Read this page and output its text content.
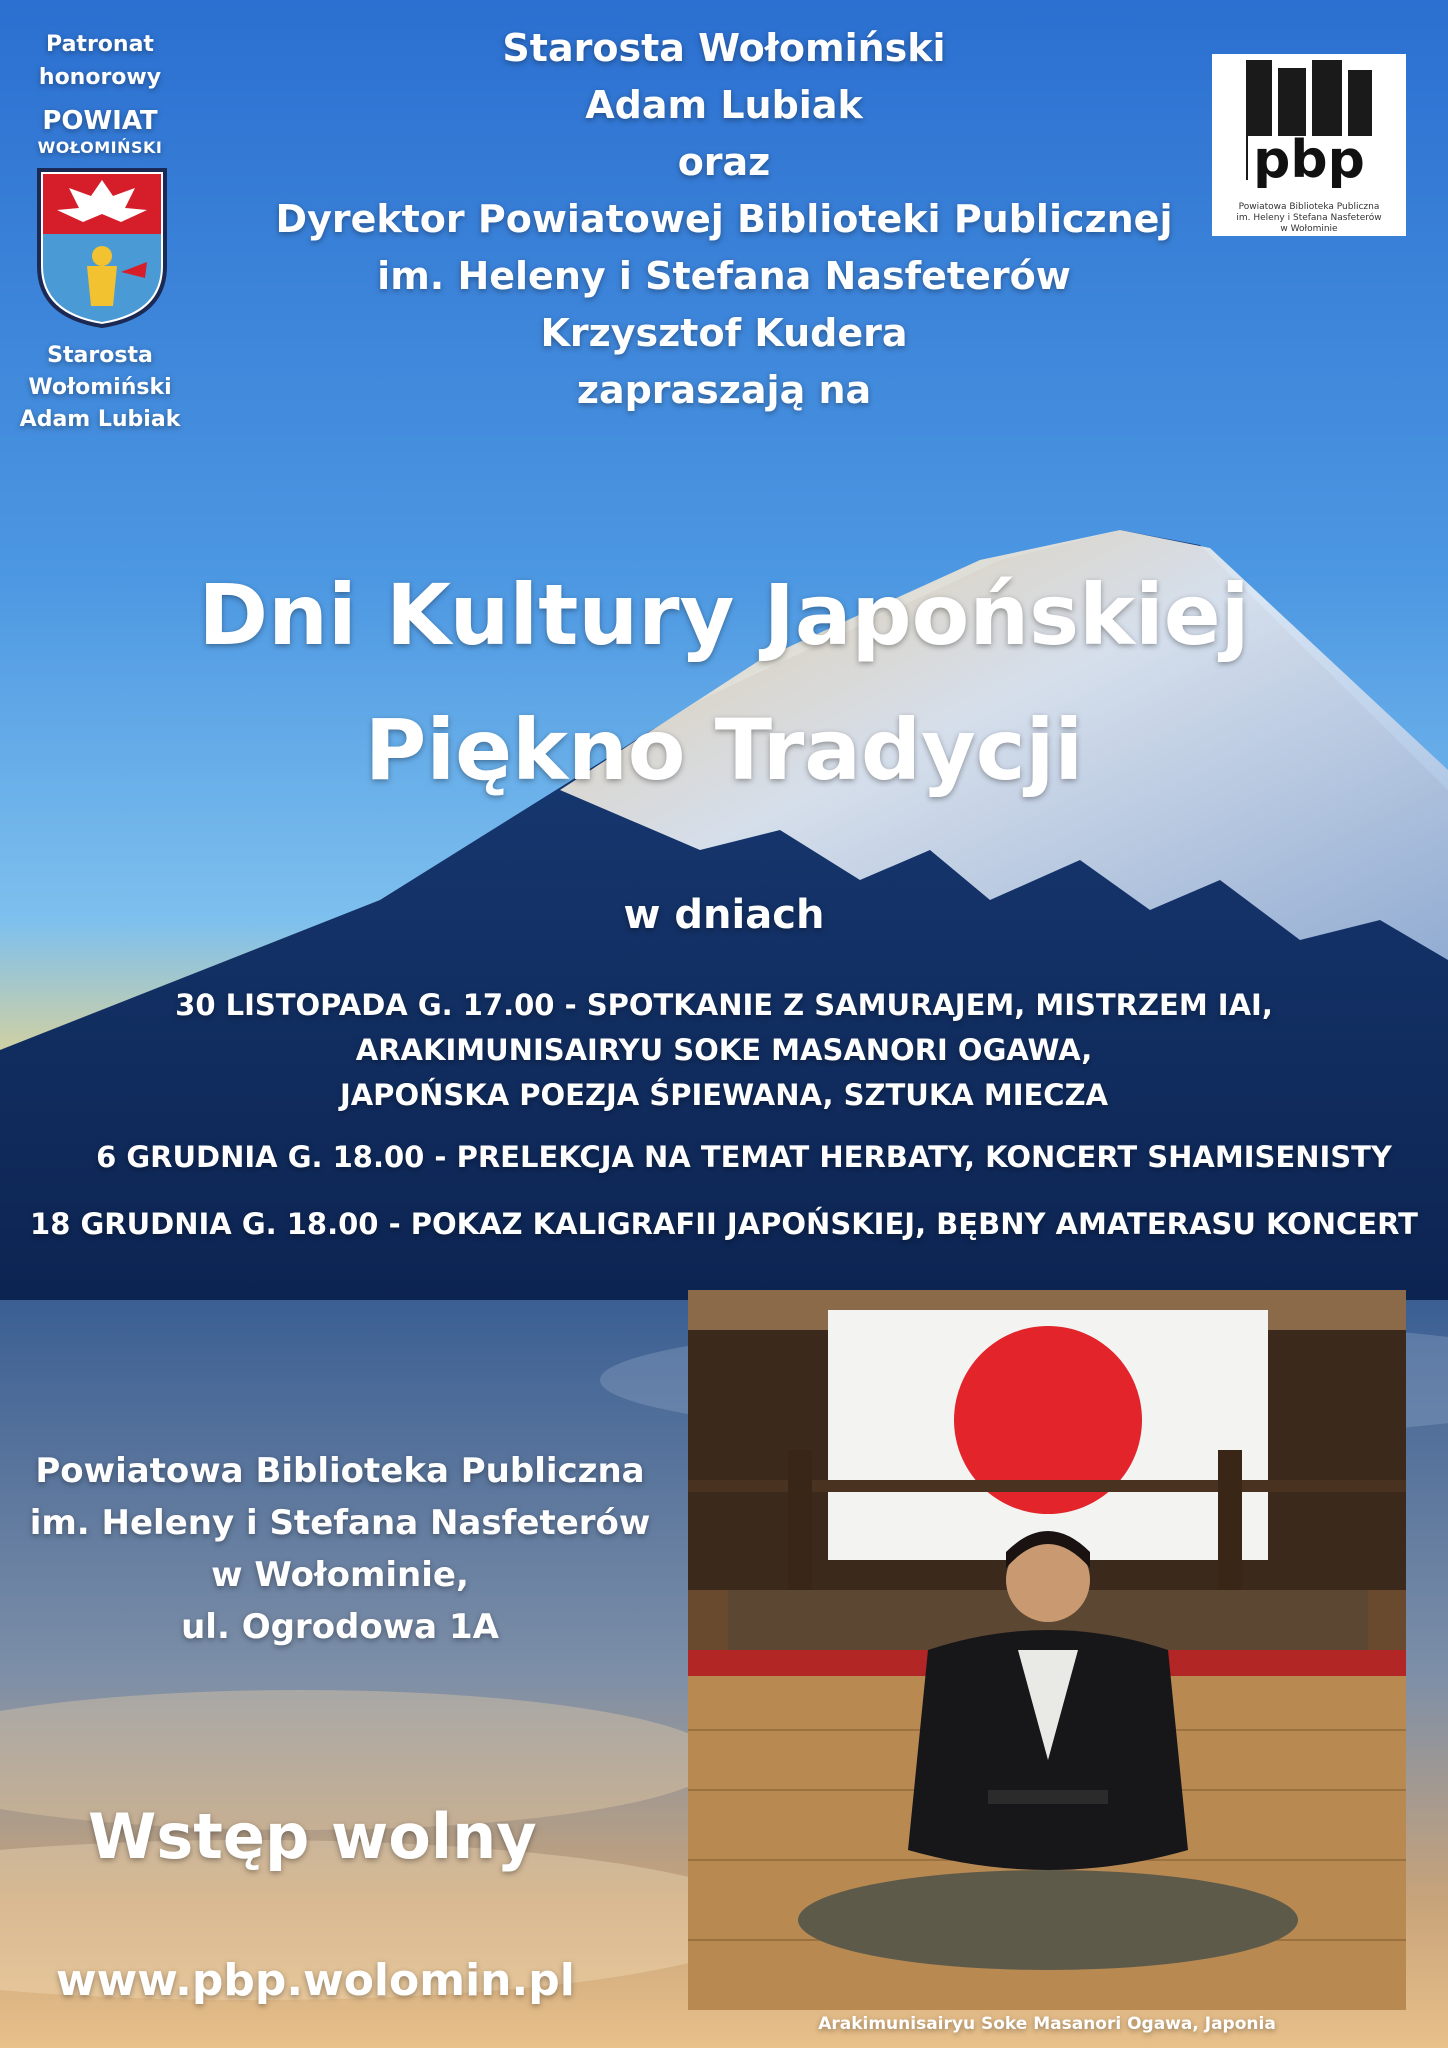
Patronat
honorowy
POWIAT
WOŁOMIŃSKI
Starosta
Wołomiński
Adam Lubiak
pbp
Powiatowa Biblioteka Publiczna
im. Heleny i Stefana Nasfeterów
w Wołominie
Starosta Wołomiński
Adam Lubiak
oraz
Dyrektor Powiatowej Biblioteki Publicznej
im. Heleny i Stefana Nasfeterów
Krzysztof Kudera
zapraszają na
Dni Kultury Japońskiej
Piękno Tradycji
w dniach
30 LISTOPADA G. 17.00 - SPOTKANIE Z SAMURAJEM, MISTRZEM IAI,
ARAKIMUNISAIRYU SOKE MASANORI OGAWA,
JAPOŃSKA POEZJA ŚPIEWANA, SZTUKA MIECZA
6 GRUDNIA G. 18.00 - PRELEKCJA NA TEMAT HERBATY, KONCERT SHAMISENISTY
18 GRUDNIA G. 18.00 - POKAZ KALIGRAFII JAPOŃSKIEJ, BĘBNY AMATERASU KONCERT
Powiatowa Biblioteka Publiczna
im. Heleny i Stefana Nasfeterów
w Wołominie,
ul. Ogrodowa 1A
Wstęp wolny
www.pbp.wolomin.pl
Arakimunisairyu Soke Masanori Ogawa, Japonia
